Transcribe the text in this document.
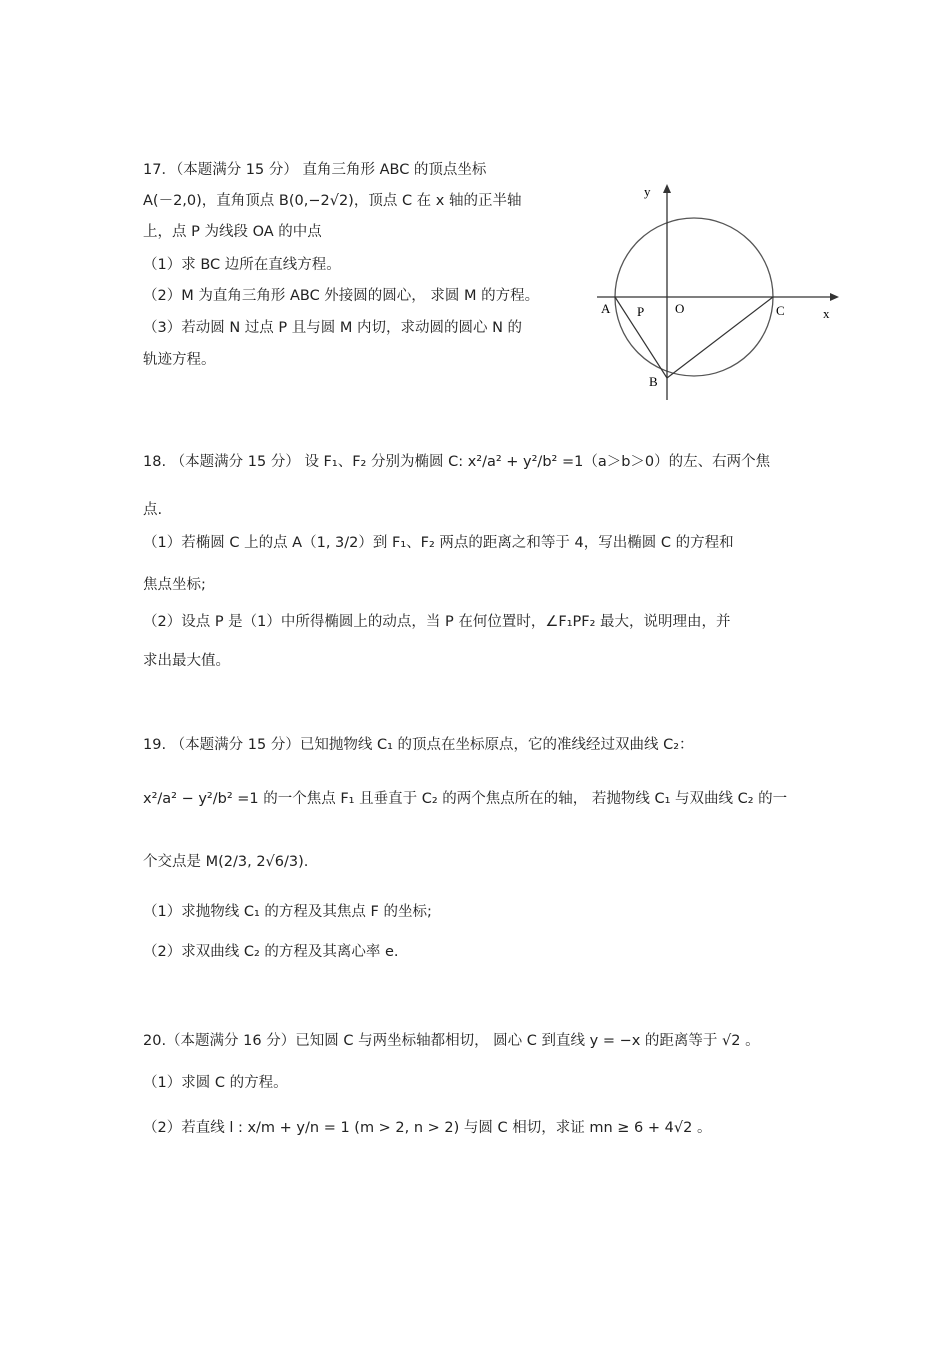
17．（本题满分 15 分） 直角三角形 ABC 的顶点坐标
A(－2,0)，直角顶点 B(0,−2√2)，顶点 C 在 x 轴的正半轴
上，点 P 为线段 OA 的中点
（1）求 BC 边所在直线方程。
（2）M 为直角三角形 ABC 外接圆的圆心， 求圆 M 的方程。
（3）若动圆 N 过点 P 且与圆 M 内切，求动圆的圆心 N 的
轨迹方程。
y
x
A P O	C
B
18. （本题满分 15 分） 设 F₁、F₂ 分别为椭圆 C: x²/a² + y²/b² =1（a＞b＞0）的左、右两个焦
点.
（1）若椭圆 C 上的点 A（1, 3/2）到 F₁、F₂ 两点的距离之和等于 4，写出椭圆 C 的方程和
焦点坐标;
（2）设点 P 是（1）中所得椭圆上的动点，当 P 在何位置时，∠F₁PF₂ 最大，说明理由，并
求出最大值。
19. （本题满分 15 分）已知抛物线 C₁ 的顶点在坐标原点，它的准线经过双曲线 C₂：
x²/a² − y²/b² =1 的一个焦点 F₁ 且垂直于 C₂ 的两个焦点所在的轴， 若抛物线 C₁ 与双曲线 C₂ 的一
个交点是 M(2/3, 2√6/3).
（1）求抛物线 C₁ 的方程及其焦点 F 的坐标;
（2）求双曲线 C₂ 的方程及其离心率 e.
20.（本题满分 16 分）已知圆 C 与两坐标轴都相切， 圆心 C 到直线 y = −x 的距离等于 √2 。
（1）求圆 C 的方程。
（2）若直线 l : x/m + y/n = 1 (m > 2, n > 2) 与圆 C 相切，求证 mn ≥ 6 + 4√2 。
